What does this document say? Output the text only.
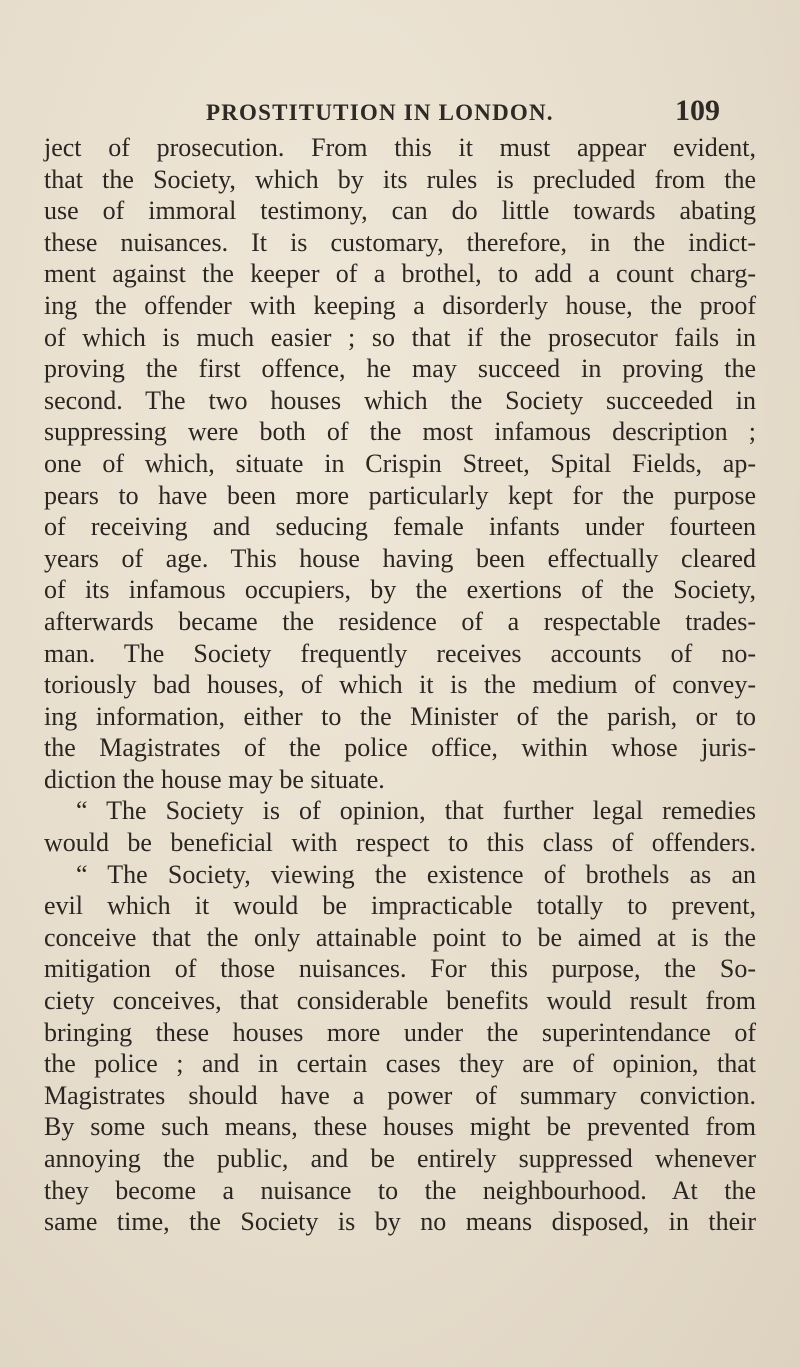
PROSTITUTION IN LONDON.	109
ject of prosecution. From this it must appear evident,
that the Society, which by its rules is precluded from the
use of immoral testimony, can do little towards abating
these nuisances. It is customary, therefore, in the indict-
ment against the keeper of a brothel, to add a count charg-
ing the offender with keeping a disorderly house, the proof
of which is much easier ; so that if the prosecutor fails in
proving the first offence, he may succeed in proving the
second. The two houses which the Society succeeded in
suppressing were both of the most infamous description ;
one of which, situate in Crispin Street, Spital Fields, ap-
pears to have been more particularly kept for the purpose
of receiving and seducing female infants under fourteen
years of age. This house having been effectually cleared
of its infamous occupiers, by the exertions of the Society,
afterwards became the residence of a respectable trades-
man. The Society frequently receives accounts of no-
toriously bad houses, of which it is the medium of convey-
ing information, either to the Minister of the parish, or to
the Magistrates of the police office, within whose juris-
diction the house may be situate.
“ The Society is of opinion, that further legal remedies
would be beneficial with respect to this class of offenders.
“ The Society, viewing the existence of brothels as an
evil which it would be impracticable totally to prevent,
conceive that the only attainable point to be aimed at is the
mitigation of those nuisances. For this purpose, the So-
ciety conceives, that considerable benefits would result from
bringing these houses more under the superintendance of
the police ; and in certain cases they are of opinion, that
Magistrates should have a power of summary conviction.
By some such means, these houses might be prevented from
annoying the public, and be entirely suppressed whenever
they become a nuisance to the neighbourhood. At the
same time, the Society is by no means disposed, in their
